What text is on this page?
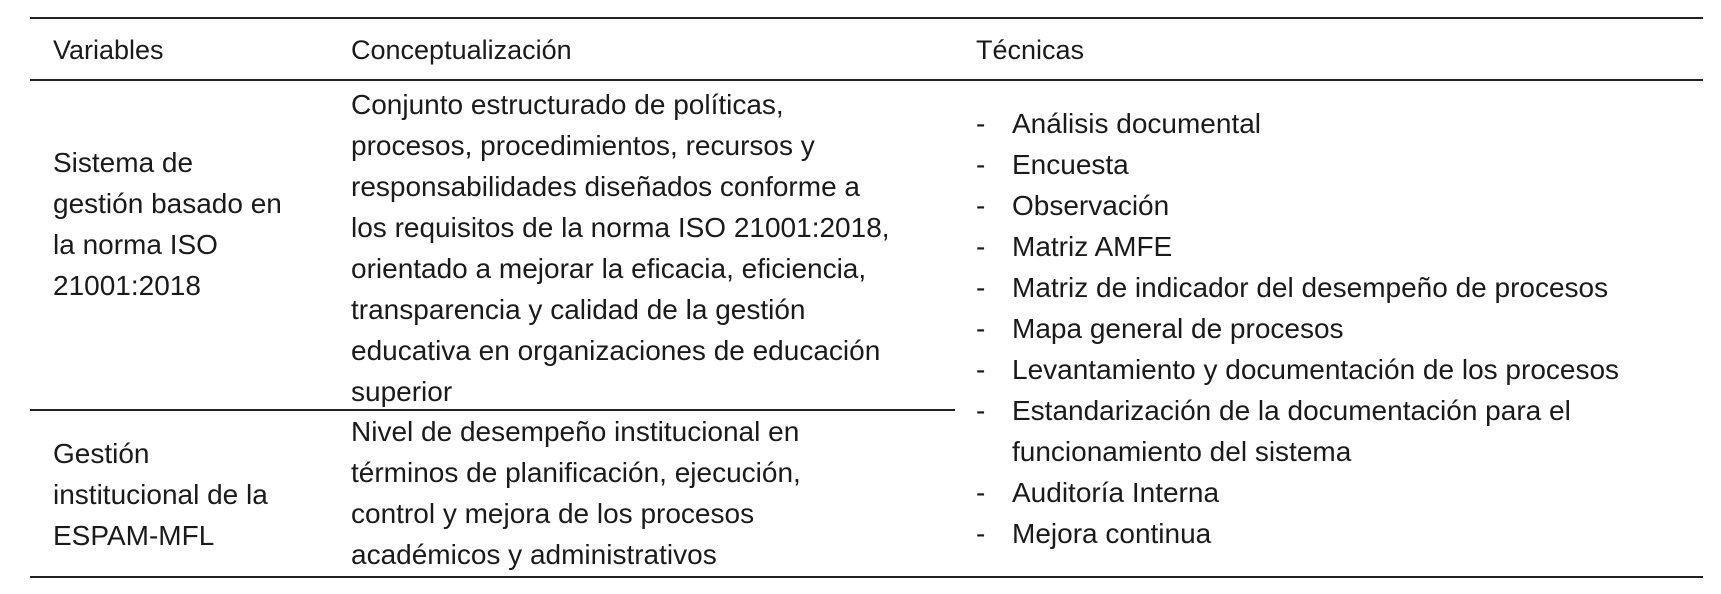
Variables	Conceptualización	Técnicas
Sistema de
gestión basado en
la norma ISO
21001:2018
Conjunto estructurado de políticas,
procesos, procedimientos, recursos y
responsabilidades diseñados conforme a
los requisitos de la norma ISO 21001:2018,
orientado a mejorar la eficacia, eficiencia,
transparencia y calidad de la gestión
educativa en organizaciones de educación
superior
Gestión
institucional de la
ESPAM-MFL
Nivel de desempeño institucional en
términos de planificación, ejecución,
control y mejora de los procesos
académicos y administrativos
- Análisis documental
- Encuesta
- Observación
- Matriz AMFE
- Matriz de indicador del desempeño de procesos
- Mapa general de procesos
- Levantamiento y documentación de los procesos
- Estandarización de la documentación para el
funcionamiento del sistema
- Auditoría Interna
- Mejora continua
